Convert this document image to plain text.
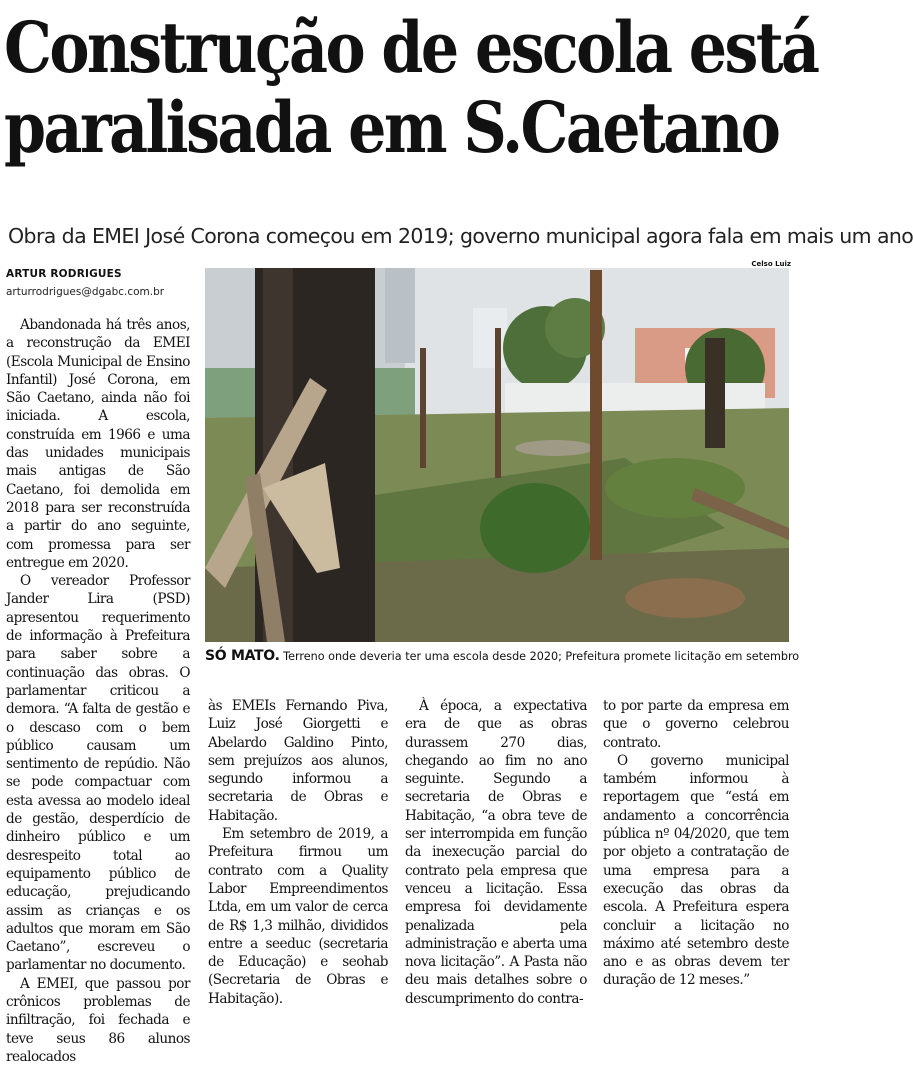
Construção de escola está
paralisada em S.Caetano
Obra da EMEI José Corona começou em 2019; governo municipal agora fala em mais um ano
ARTUR RODRIGUES
arturrodrigues@dgabc.com.br
Celso Luiz
SÓ MATO. Terreno onde deveria ter uma escola desde 2020; Prefeitura promete licitação em setembro

Abandonada há três anos, a reconstrução da EMEI (Escola Municipal de Ensino Infantil) José Corona, em São Caetano, ainda não foi iniciada. A escola, construída em 1966 e uma das unidades municipais mais antigas de São Caetano, foi demolida em 2018 para ser reconstruída a partir do ano seguinte, com promessa para ser entregue em 2020.

O vereador Professor Jander Lira (PSD) apresentou requerimento de informação à Prefeitura para saber sobre a continuação das obras. O parlamentar criticou a demora. “A falta de gestão e o descaso com o bem público causam um sentimento de repúdio. Não se pode compactuar com esta avessa ao modelo ideal de gestão, desperdício de dinheiro público e um desrespeito total ao equipamento público de educação, prejudicando assim as crianças e os adultos que moram em São Caetano”, escreveu o parlamentar no documento.

A EMEI, que passou por crônicos problemas de infiltração, foi fechada e teve seus 86 alunos realocados

às EMEIs Fernando Piva, Luiz José Giorgetti e Abelardo Galdino Pinto, sem prejuízos aos alunos, segundo informou a secretaria de Obras e Habitação.

Em setembro de 2019, a Prefeitura firmou um contrato com a Quality Labor Empreendimentos Ltda, em um valor de cerca de R$ 1,3 milhão, divididos entre a seeduc (secretaria de Educação) e seohab (Secretaria de Obras e Habitação).

À época, a expectativa era de que as obras durassem 270 dias, chegando ao fim no ano seguinte. Segundo a secretaria de Obras e Habitação, “a obra teve de ser interrompida em função da inexecução parcial do contrato pela empresa que venceu a licitação. Essa empresa foi devidamente penalizada pela administração e aberta uma nova licitação”. A Pasta não deu mais detalhes sobre o descumprimento do contra-

to por parte da empresa em que o governo celebrou contrato.

O governo municipal também informou à reportagem que “está em andamento a concorrência pública nº 04/2020, que tem por objeto a contratação de uma empresa para a execução das obras da escola. A Prefeitura espera concluir a licitação no máximo até setembro deste ano e as obras devem ter duração de 12 meses.”
